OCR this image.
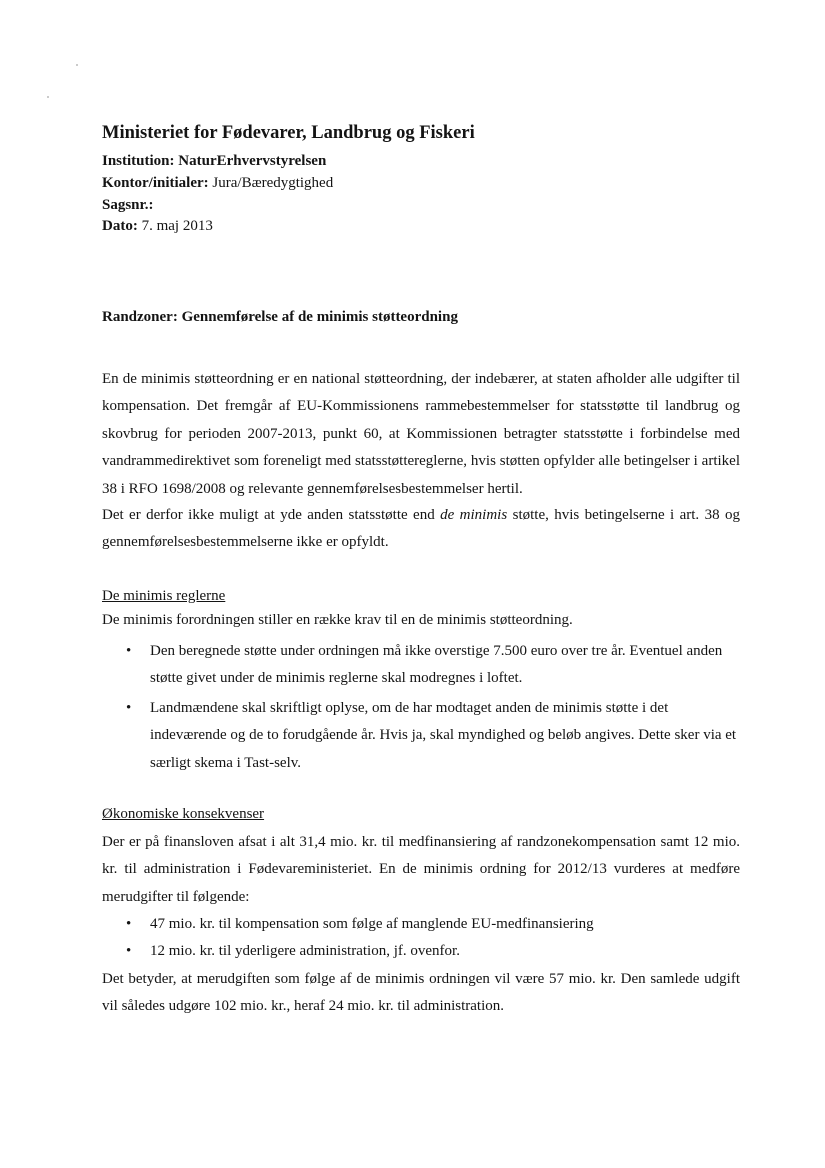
Ministeriet for Fødevarer, Landbrug og Fiskeri
Institution: NaturErhvervstyrelsen
Kontor/initialer: Jura/Bæredygtighed
Sagsnr.:
Dato: 7. maj 2013
Randzoner: Gennemførelse af de minimis støtteordning
En de minimis støtteordning er en national støtteordning, der indebærer, at staten afholder alle udgifter til kompensation. Det fremgår af EU-Kommissionens rammebestemmelser for statsstøtte til landbrug og skovbrug for perioden 2007-2013, punkt 60, at Kommissionen betragter statsstøtte i forbindelse med vandrammedirektivet som foreneligt med statsstøttereglerne, hvis støtten opfylder alle betingelser i artikel 38 i RFO 1698/2008 og relevante gennemførelsesbestemmelser hertil.
Det er derfor ikke muligt at yde anden statsstøtte end de minimis støtte, hvis betingelserne i art. 38 og gennemførelsesbestemmelserne ikke er opfyldt.
De minimis reglerne
De minimis forordningen stiller en række krav til en de minimis støtteordning.
• Den beregnede støtte under ordningen må ikke overstige 7.500 euro over tre år. Eventuel anden støtte givet under de minimis reglerne skal modregnes i loftet.
• Landmændene skal skriftligt oplyse, om de har modtaget anden de minimis støtte i det indeværende og de to forudgående år. Hvis ja, skal myndighed og beløb angives. Dette sker via et særligt skema i Tast-selv.
Økonomiske konsekvenser
Der er på finansloven afsat i alt 31,4 mio. kr. til medfinansiering af randzonekompensation samt 12 mio. kr. til administration i Fødevareministeriet. En de minimis ordning for 2012/13 vurderes at medføre merudgifter til følgende:
• 47 mio. kr. til kompensation som følge af manglende EU-medfinansiering
• 12 mio. kr. til yderligere administration, jf. ovenfor.
Det betyder, at merudgiften som følge af de minimis ordningen vil være 57 mio. kr. Den samlede udgift vil således udgøre 102 mio. kr., heraf 24 mio. kr. til administration.
